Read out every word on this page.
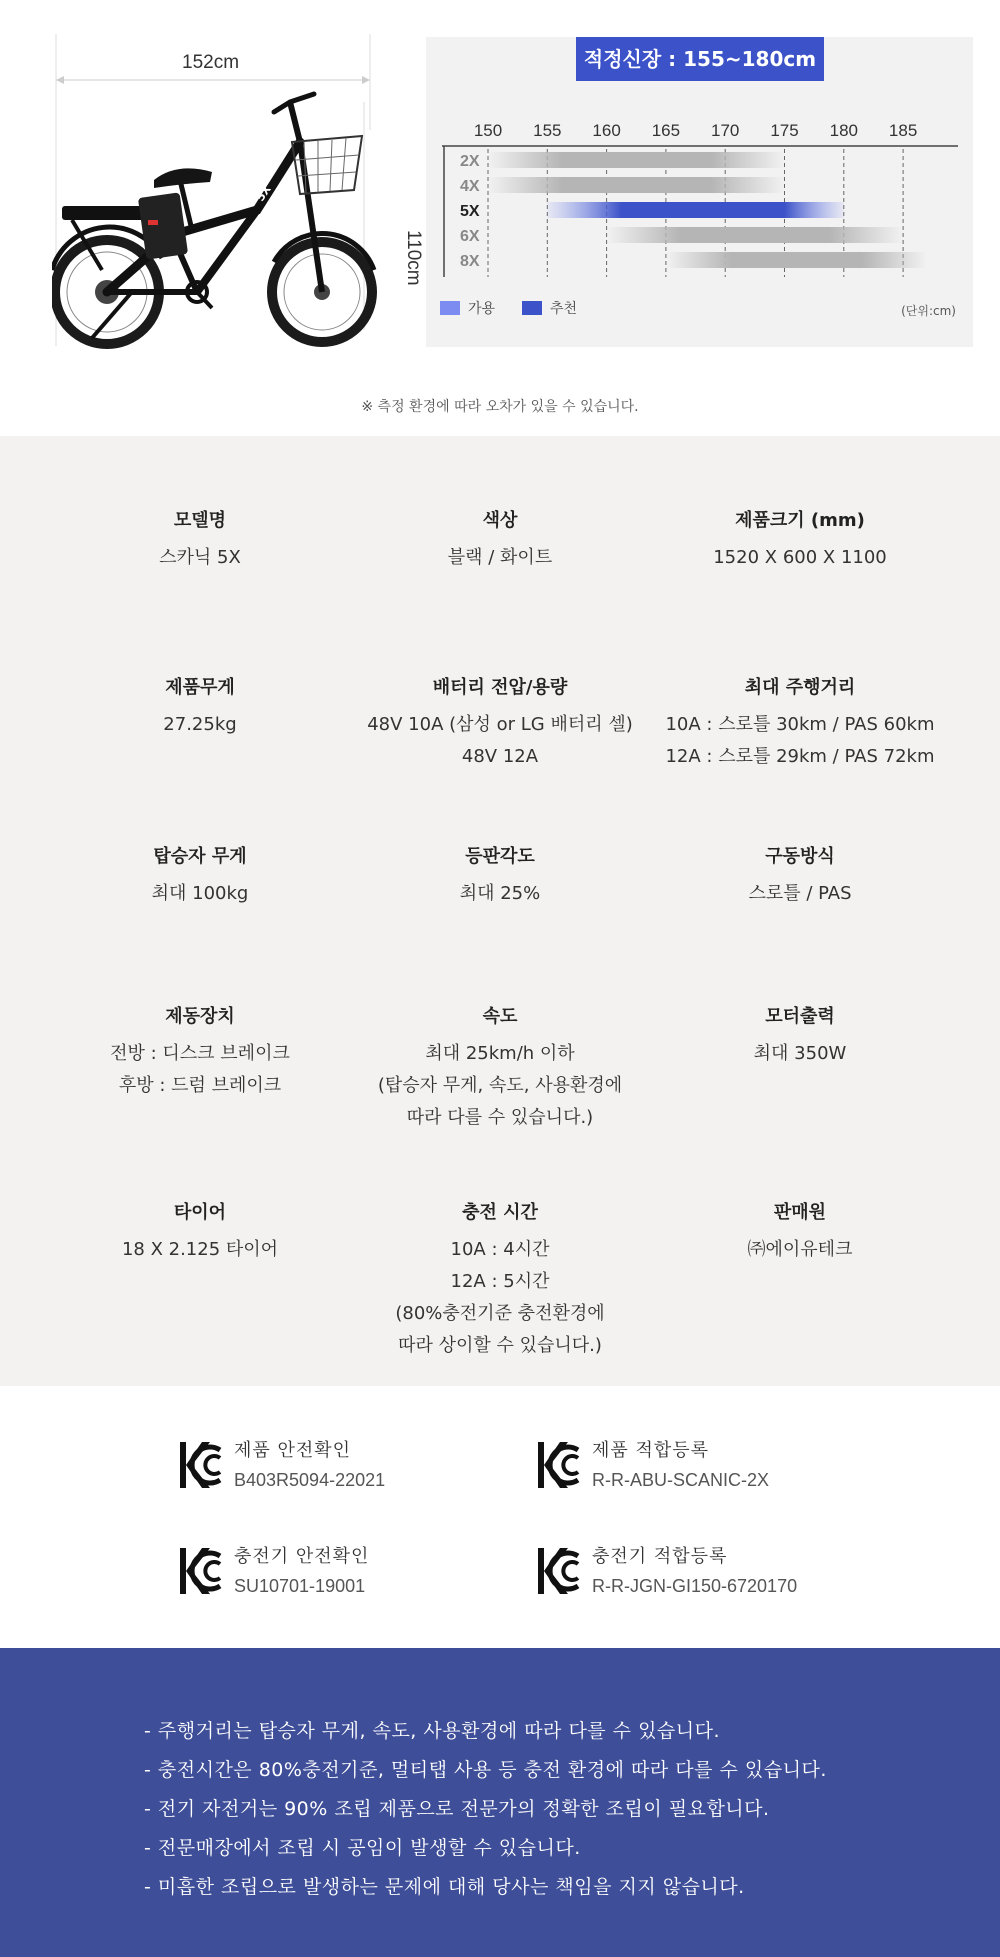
5X
152cm
110cm
150 155 160 165 170 175 180 185
2X
4X
5X
6X
8X
가용	추천	(단위:cm)
적정신장 : 155~180cm
※ 측정 환경에 따라 오차가 있을 수 있습니다.
모델명
스카닉 5X
색상
블랙 / 화이트
제품크기 (mm)
1520 X 600 X 1100
제품무게
27.25kg
배터리 전압/용량
48V 10A (삼성 or LG 배터리 셀)
48V 12A
최대 주행거리
10A : 스로틀 30km / PAS 60km
12A : 스로틀 29km / PAS 72km
탑승자 무게
최대 100kg
등판각도
최대 25%
구동방식
스로틀 / PAS
제동장치
전방 : 디스크 브레이크
후방 : 드럼 브레이크
속도
최대 25km/h 이하
(탑승자 무게, 속도, 사용환경에
따라 다를 수 있습니다.)
모터출력
최대 350W
타이어
18 X 2.125 타이어
충전 시간
10A : 4시간
12A : 5시간
(80%충전기준 충전환경에
따라 상이할 수 있습니다.)
판매원
㈜에이유테크
제품 안전확인
B403R5094-22021
제품 적합등록
R-R-ABU-SCANIC-2X
충전기 안전확인
SU10701-19001
충전기 적합등록
R-R-JGN-GI150-6720170
- 주행거리는 탑승자 무게, 속도, 사용환경에 따라 다를 수 있습니다.
- 충전시간은 80%충전기준, 멀티탭 사용 등 충전 환경에 따라 다를 수 있습니다.
- 전기 자전거는 90% 조립 제품으로 전문가의 정확한 조립이 필요합니다.
- 전문매장에서 조립 시 공임이 발생할 수 있습니다.
- 미흡한 조립으로 발생하는 문제에 대해 당사는 책임을 지지 않습니다.
